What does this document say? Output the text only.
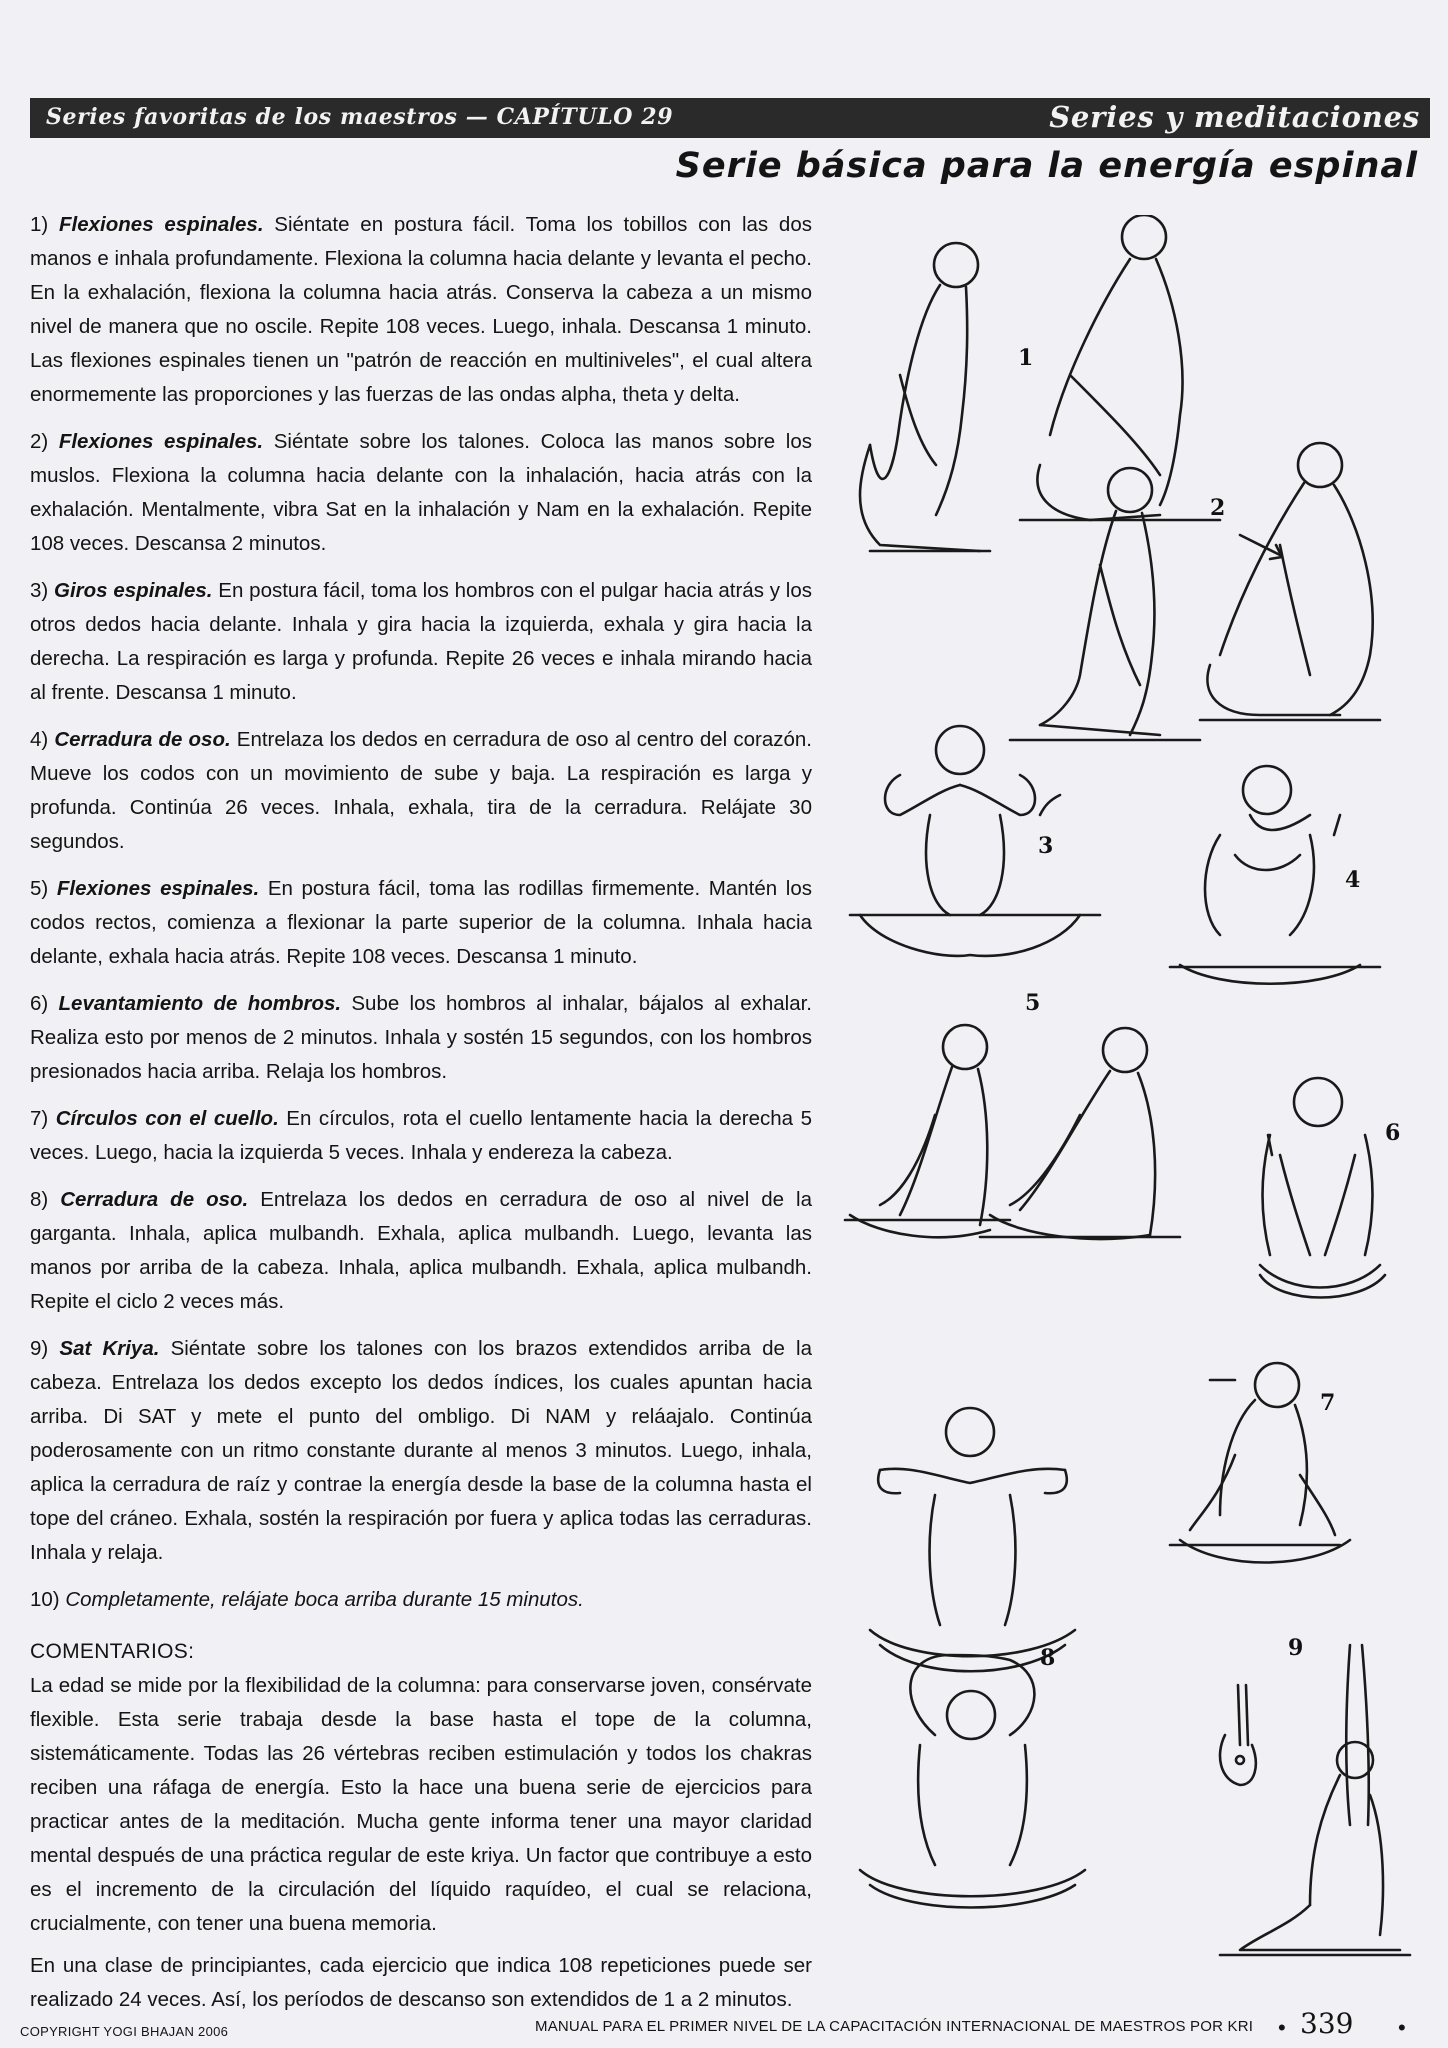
Series favoritas de los maestros — CAPÍTULO 29	Series y meditaciones
Serie básica para la energía espinal
1) Flexiones espinales. Siéntate en postura fácil. Toma los tobillos con las dos manos e inhala profundamente. Flexiona la columna hacia delante y levanta el pecho. En la exhalación, flexiona la columna hacia atrás. Conserva la cabeza a un mismo nivel de manera que no oscile. Repite 108 veces. Luego, inhala. Descansa 1 minuto. Las flexiones espinales tienen un "patrón de reacción en multiniveles", el cual altera enormemente las proporciones y las fuerzas de las ondas alpha, theta y delta.
2) Flexiones espinales. Siéntate sobre los talones. Coloca las manos sobre los muslos. Flexiona la columna hacia delante con la inhalación, hacia atrás con la exhalación. Mentalmente, vibra Sat en la inhalación y Nam en la exhalación. Repite 108 veces. Descansa 2 minutos.
3) Giros espinales. En postura fácil, toma los hombros con el pulgar hacia atrás y los otros dedos hacia delante. Inhala y gira hacia la izquierda, exhala y gira hacia la derecha. La respiración es larga y profunda. Repite 26 veces e inhala mirando hacia al frente. Descansa 1 minuto.
4) Cerradura de oso. Entrelaza los dedos en cerradura de oso al centro del corazón. Mueve los codos con un movimiento de sube y baja. La respiración es larga y profunda. Continúa 26 veces. Inhala, exhala, tira de la cerradura. Relájate 30 segundos.
5) Flexiones espinales. En postura fácil, toma las rodillas firmemente. Mantén los codos rectos, comienza a flexionar la parte superior de la columna. Inhala hacia delante, exhala hacia atrás. Repite 108 veces. Descansa 1 minuto.
6) Levantamiento de hombros. Sube los hombros al inhalar, bájalos al exhalar. Realiza esto por menos de 2 minutos. Inhala y sostén 15 segundos, con los hombros presionados hacia arriba. Relaja los hombros.
7) Círculos con el cuello. En círculos, rota el cuello lentamente hacia la derecha 5 veces. Luego, hacia la izquierda 5 veces. Inhala y endereza la cabeza.
8) Cerradura de oso. Entrelaza los dedos en cerradura de oso al nivel de la garganta. Inhala, aplica mulbandh. Exhala, aplica mulbandh. Luego, levanta las manos por arriba de la cabeza. Inhala, aplica mulbandh. Exhala, aplica mulbandh. Repite el ciclo 2 veces más.
9) Sat Kriya. Siéntate sobre los talones con los brazos extendidos arriba de la cabeza. Entrelaza los dedos excepto los dedos índices, los cuales apuntan hacia arriba. Di SAT y mete el punto del ombligo. Di NAM y reláajalo. Continúa poderosamente con un ritmo constante durante al menos 3 minutos. Luego, inhala, aplica la cerradura de raíz y contrae la energía desde la base de la columna hasta el tope del cráneo. Exhala, sostén la respiración por fuera y aplica todas las cerraduras. Inhala y relaja.
10) Completamente, relájate boca arriba durante 15 minutos.
COMENTARIOS:

La edad se mide por la flexibilidad de la columna: para conservarse joven, consérvate flexible. Esta serie trabaja desde la base hasta el tope de la columna, sistemáticamente. Todas las 26 vértebras reciben estimulación y todos los chakras reciben una ráfaga de energía. Esto la hace una buena serie de ejercicios para practicar antes de la meditación. Mucha gente informa tener una mayor claridad mental después de una práctica regular de este kriya. Un factor que contribuye a esto es el incremento de la circulación del líquido raquídeo, el cual se relaciona, crucialmente, con tener una buena memoria.

En una clase de principiantes, cada ejercicio que indica 108 repeticiones puede ser realizado 24 veces. Así, los períodos de descanso son extendidos de 1 a 2 minutos.

1
2
3
4
5
6
7
8	9
COPYRIGHT YOGI BHAJAN 2006	MANUAL PARA EL PRIMER NIVEL DE LA CAPACITACIÓN INTERNACIONAL DE MAESTROS POR KRI • 339 •
